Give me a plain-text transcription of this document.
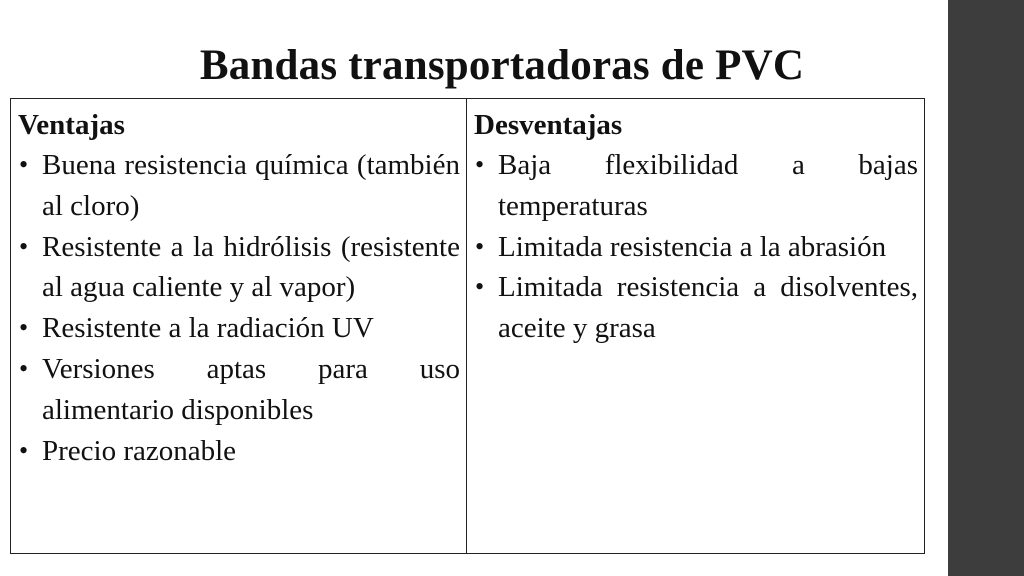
Bandas transportadoras de PVC
Ventajas
• Buena resistencia química (también al cloro)
• Resistente a la hidrólisis (resistente al agua caliente y al vapor)
• Resistente a la radiación UV
• Versiones aptas para uso alimentario disponibles
• Precio razonable

Desventajas
• Baja flexibilidad a bajas temperaturas
• Limitada resistencia a la abrasión
• Limitada resistencia a disolventes, aceite y grasa
